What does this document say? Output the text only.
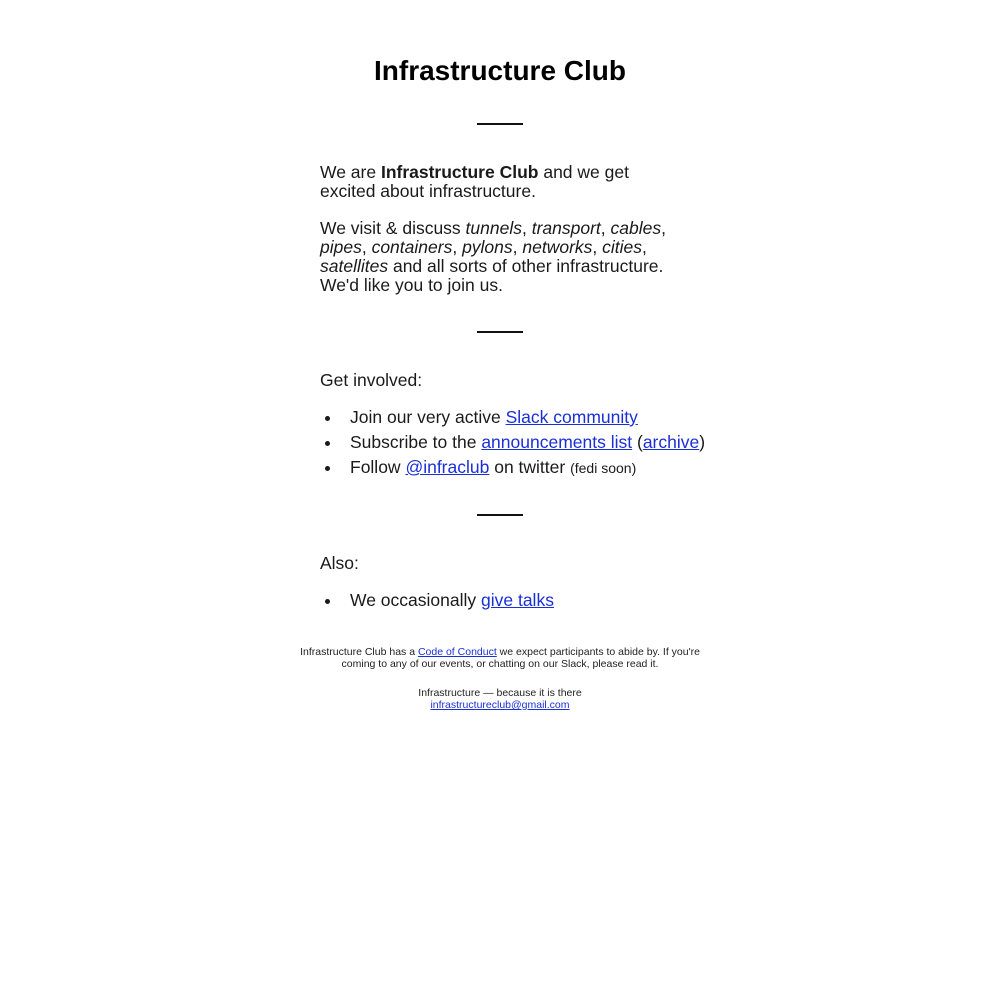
Infrastructure Club

We are Infrastructure Club and we get excited about infrastructure.

We visit & discuss tunnels, transport, cables, pipes, containers, pylons, networks, cities, satellites and all sorts of other infrastructure. We'd like you to join us.

Get involved:

Join our very active Slack community
Subscribe to the announcements list (archive)
Follow @infraclub on twitter (fedi soon)

Also:

We occasionally give talks
Infrastructure Club has a Code of Conduct we expect participants to abide by. If you're coming to any of our events, or chatting on our Slack, please read it.
Infrastructure — because it is there
infrastructureclub@gmail.com
